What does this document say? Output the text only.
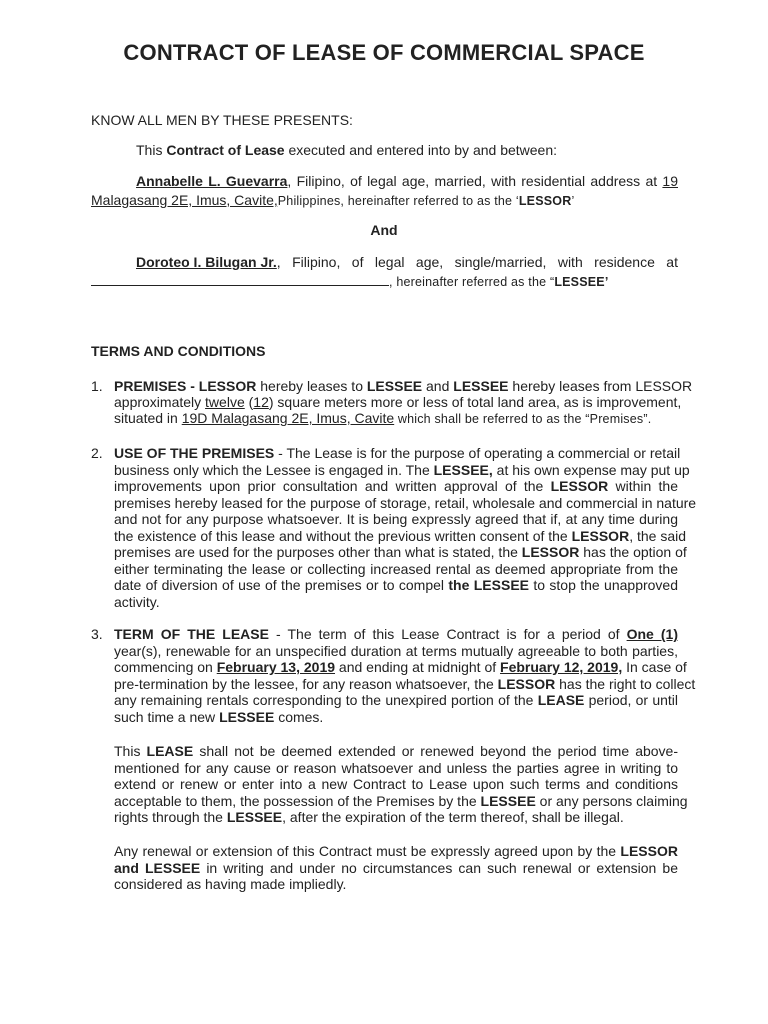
CONTRACT OF LEASE OF COMMERCIAL SPACE
KNOW ALL MEN BY THESE PRESENTS:
This Contract of Lease executed and entered into by and between:
Annabelle L. Guevarra, Filipino, of legal age, married, with residential address at 19
Malagasang 2E, Imus, Cavite,Philippines, hereinafter referred to as the ‘LESSOR’
And
Doroteo I. Bilugan Jr., Filipino, of legal age, single/married, with residence at
, hereinafter referred as the “LESSEE’
TERMS AND CONDITIONS
1. PREMISES - LESSOR hereby leases to LESSEE and LESSEE hereby leases from LESSOR
approximately twelve (12) square meters more or less of total land area, as is improvement,
situated in 19D Malagasang 2E, Imus, Cavite which shall be referred to as the “Premises”.
2. USE OF THE PREMISES - The Lease is for the purpose of operating a commercial or retail
business only which the Lessee is engaged in. The LESSEE, at his own expense may put up
improvements upon prior consultation and written approval of the LESSOR within the
premises hereby leased for the purpose of storage, retail, wholesale and commercial in nature
and not for any purpose whatsoever. It is being expressly agreed that if, at any time during
the existence of this lease and without the previous written consent of the LESSOR, the said
premises are used for the purposes other than what is stated, the LESSOR has the option of
either terminating the lease or collecting increased rental as deemed appropriate from the
date of diversion of use of the premises or to compel the LESSEE to stop the unapproved
activity.
3. TERM OF THE LEASE - The term of this Lease Contract is for a period of One (1)
year(s), renewable for an unspecified duration at terms mutually agreeable to both parties,
commencing on February 13, 2019 and ending at midnight of February 12, 2019, In case of
pre-termination by the lessee, for any reason whatsoever, the LESSOR has the right to collect
any remaining rentals corresponding to the unexpired portion of the LEASE period, or until
such time a new LESSEE comes.
This LEASE shall not be deemed extended or renewed beyond the period time above-
mentioned for any cause or reason whatsoever and unless the parties agree in writing to
extend or renew or enter into a new Contract to Lease upon such terms and conditions
acceptable to them, the possession of the Premises by the LESSEE or any persons claiming
rights through the LESSEE, after the expiration of the term thereof, shall be illegal.
Any renewal or extension of this Contract must be expressly agreed upon by the LESSOR
and LESSEE in writing and under no circumstances can such renewal or extension be
considered as having made impliedly.
